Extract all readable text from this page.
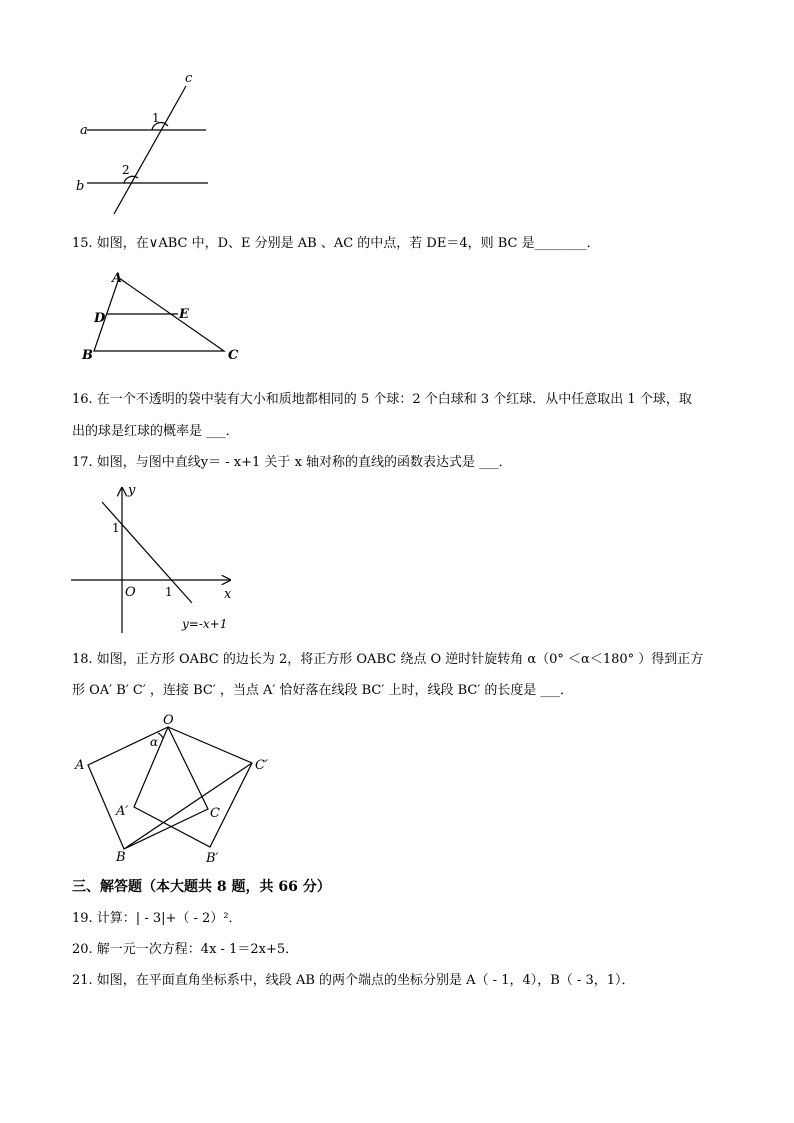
c
a
b
1
2
15. 如图，在∨ABC 中，D、E 分别是 AB 、AC 的中点，若 DE＝4，则 BC 是________．
A
D	E
B	C
16. 在一个不透明的袋中装有大小和质地都相同的 5 个球：2 个白球和 3 个红球．从中任意取出 1 个球，取
出的球是红球的概率是 ___．
17. 如图，与图中直线y＝ - x+1 关于 x 轴对称的直线的函数表达式是 ___．
y
x
O
1
1
y=-x+1
18. 如图，正方形 OABC 的边长为 2，将正方形 OABC 绕点 O 逆时针旋转角 α（0° ＜α＜180° ）得到正方
形 OA′ B′ C′ ，连接 BC′ ，当点 A′ 恰好落在线段 BC′ 上时，线段 BC′ 的长度是 ___．
O
α
A	C′
A′	C
B	B′
三、解答题（本大题共 8 题，共 66 分）
19. 计算：| - 3|+（ - 2）²．
20. 解一元一次方程：4x - 1＝2x+5．
21. 如图，在平面直角坐标系中，线段 AB 的两个端点的坐标分别是 A（ - 1，4），B（ - 3，1）．
